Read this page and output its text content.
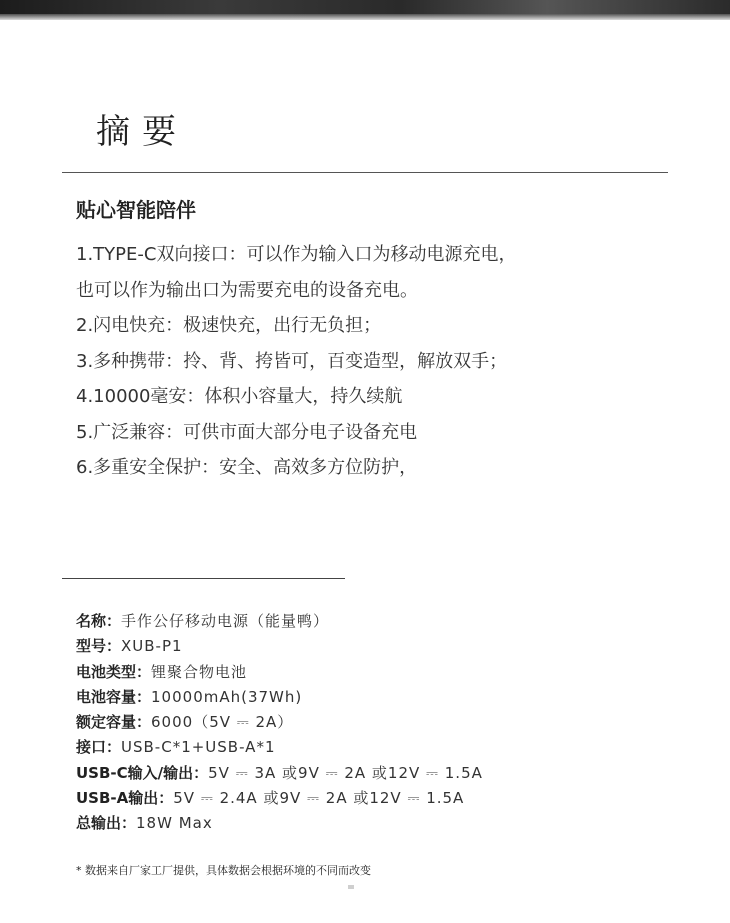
摘要
贴心智能陪伴
1.TYPE-C双向接口：可以作为输入口为移动电源充电，
也可以作为输出口为需要充电的设备充电。
2.闪电快充：极速快充，出行无负担；
3.多种携带：拎、背、挎皆可，百变造型，解放双手；
4.10000毫安：体积小容量大，持久续航
5.广泛兼容：可供市面大部分电子设备充电
6.多重安全保护：安全、高效多方位防护，
名称：手作公仔移动电源（能量鸭）
型号：XUB-P1
电池类型：锂聚合物电池
电池容量：10000mAh(37Wh)
额定容量：6000（5V ⎓ 2A）
接口：USB-C*1+USB-A*1
USB-C输入/输出：5V ⎓ 3A 或9V ⎓ 2A 或12V ⎓ 1.5A
USB-A输出：5V ⎓ 2.4A 或9V ⎓ 2A 或12V ⎓ 1.5A
总输出：18W Max
* 数据来自厂家工厂提供，具体数据会根据环境的不同而改变
